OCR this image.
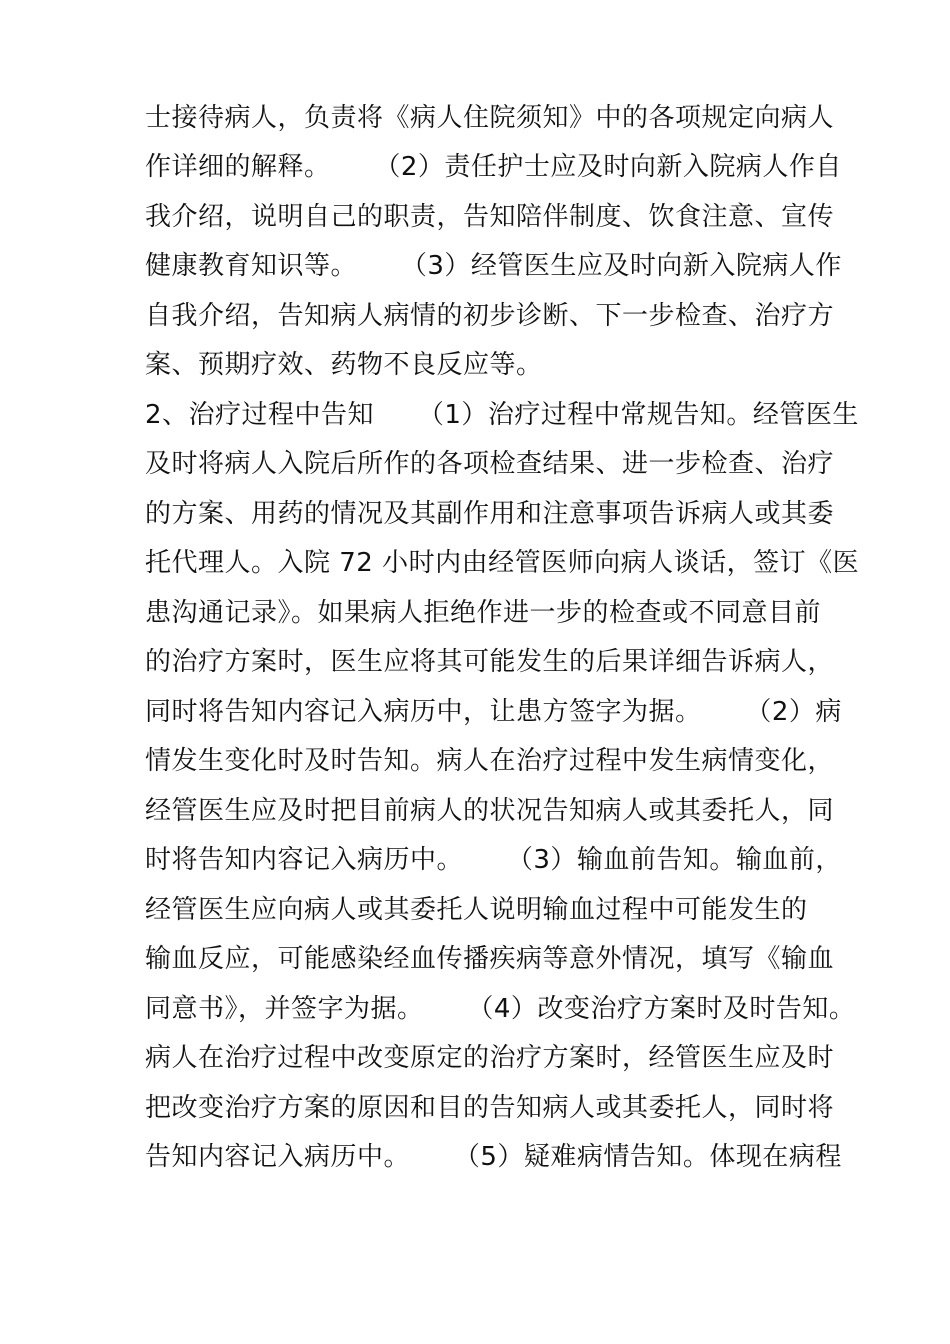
士接待病人，负责将《病人住院须知》中的各项规定向病人
作详细的解释。     （2）责任护士应及时向新入院病人作自
我介绍，说明自己的职责，告知陪伴制度、饮食注意、宣传
健康教育知识等。     （3）经管医生应及时向新入院病人作
自我介绍，告知病人病情的初步诊断、下一步检查、治疗方
案、预期疗效、药物不良反应等。
2、治疗过程中告知     （1）治疗过程中常规告知。经管医生
及时将病人入院后所作的各项检查结果、进一步检查、治疗
的方案、用药的情况及其副作用和注意事项告诉病人或其委
托代理人。入院 72 小时内由经管医师向病人谈话，签订《医
患沟通记录》。如果病人拒绝作进一步的检查或不同意目前
的治疗方案时，医生应将其可能发生的后果详细告诉病人，
同时将告知内容记入病历中，让患方签字为据。     （2）病
情发生变化时及时告知。病人在治疗过程中发生病情变化，
经管医生应及时把目前病人的状况告知病人或其委托人，同
时将告知内容记入病历中。     （3）输血前告知。输血前，
经管医生应向病人或其委托人说明输血过程中可能发生的
输血反应，可能感染经血传播疾病等意外情况，填写《输血
同意书》，并签字为据。     （4）改变治疗方案时及时告知。
病人在治疗过程中改变原定的治疗方案时，经管医生应及时
把改变治疗方案的原因和目的告知病人或其委托人，同时将
告知内容记入病历中。     （5）疑难病情告知。体现在病程
